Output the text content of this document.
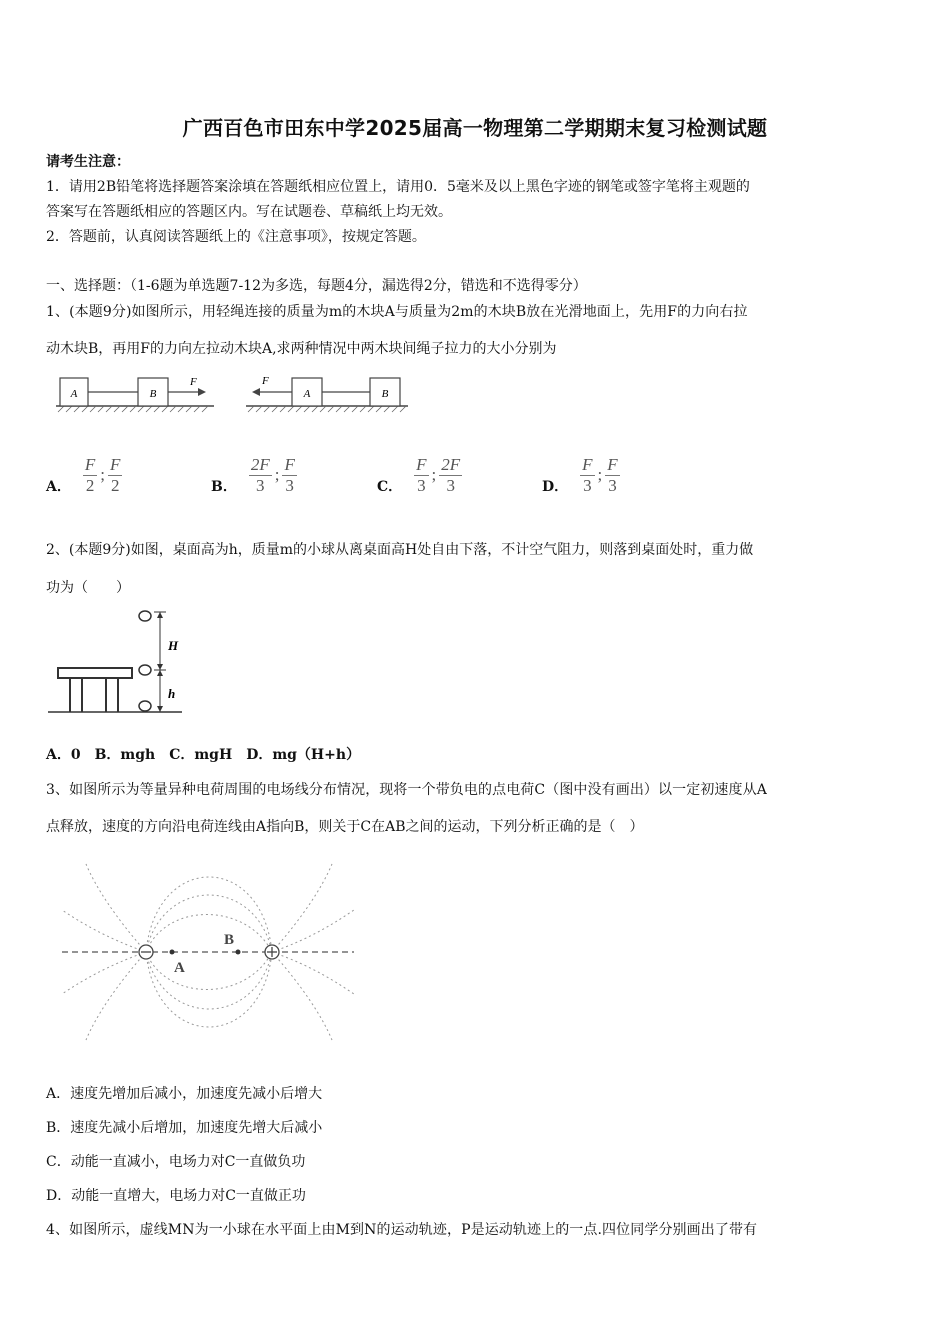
广西百色市田东中学2025届高一物理第二学期期末复习检测试题
请考生注意：
1．请用2B铅笔将选择题答案涂填在答题纸相应位置上，请用0．5毫米及以上黑色字迹的钢笔或签字笔将主观题的
答案写在答题纸相应的答题区内。写在试题卷、草稿纸上均无效。
2．答题前，认真阅读答题纸上的《注意事项》，按规定答题。
一、选择题：（1-6题为单选题7-12为多选，每题4分，漏选得2分，错选和不选得零分）
1、(本题9分)如图所示，用轻绳连接的质量为m的木块A与质量为2m的木块B放在光滑地面上，先用F的力向右拉
动木块B，再用F的力向左拉动木块A,求两种情况中两木块间绳子拉力的大小分别为
A	B
F	F
A	B
A．
F
2
;
F
2	B．
2F
3
;
F
3	C．
F
3
;
2F
3	D．
F
3
;
F
3
2、(本题9分)如图，桌面高为h，质量m的小球从离桌面高H处自由下落，不计空气阻力，则落到桌面处时，重力做
功为（　　）
H
h
A．0　B．mgh　C．mgH　D．mg（H+h）
3、如图所示为等量异种电荷周围的电场线分布情况，现将一个带负电的点电荷C（图中没有画出）以一定初速度从A
点释放，速度的方向沿电荷连线由A指向B，则关于C在AB之间的运动，下列分析正确的是（　）
A
B
A．速度先增加后减小，加速度先减小后增大
B．速度先减小后增加，加速度先增大后减小
C．动能一直减小，电场力对C一直做负功
D．动能一直增大，电场力对C一直做正功
4、如图所示，虚线MN为一小球在水平面上由M到N的运动轨迹，P是运动轨迹上的一点.四位同学分别画出了带有
